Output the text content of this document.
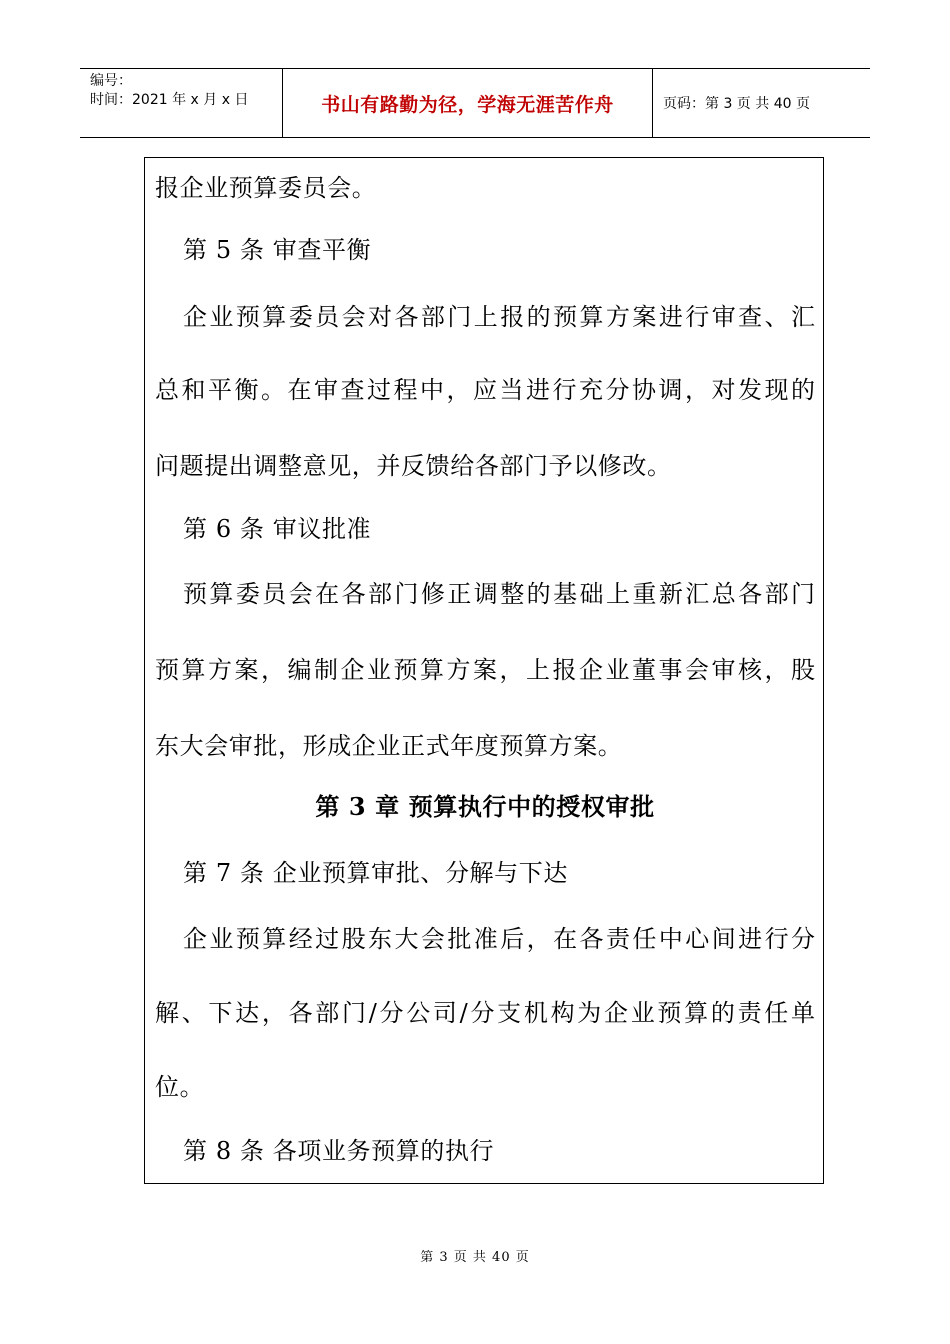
编号：
时间：2021 年 x 月 x 日	书山有路勤为径，学海无涯苦作舟	页码：第 3 页 共 40 页
报企业预算委员会。
第 5 条 审查平衡
企业预算委员会对各部门上报的预算方案进行审查、汇
总和平衡。在审查过程中，应当进行充分协调，对发现的
问题提出调整意见，并反馈给各部门予以修改。
第 6 条 审议批准
预算委员会在各部门修正调整的基础上重新汇总各部门
预算方案，编制企业预算方案，上报企业董事会审核，股
东大会审批，形成企业正式年度预算方案。
第 3 章 预算执行中的授权审批
第 7 条 企业预算审批、分解与下达
企业预算经过股东大会批准后，在各责任中心间进行分
解、下达，各部门/分公司/分支机构为企业预算的责任单
位。
第 8 条 各项业务预算的执行
第 3 页 共 40 页
